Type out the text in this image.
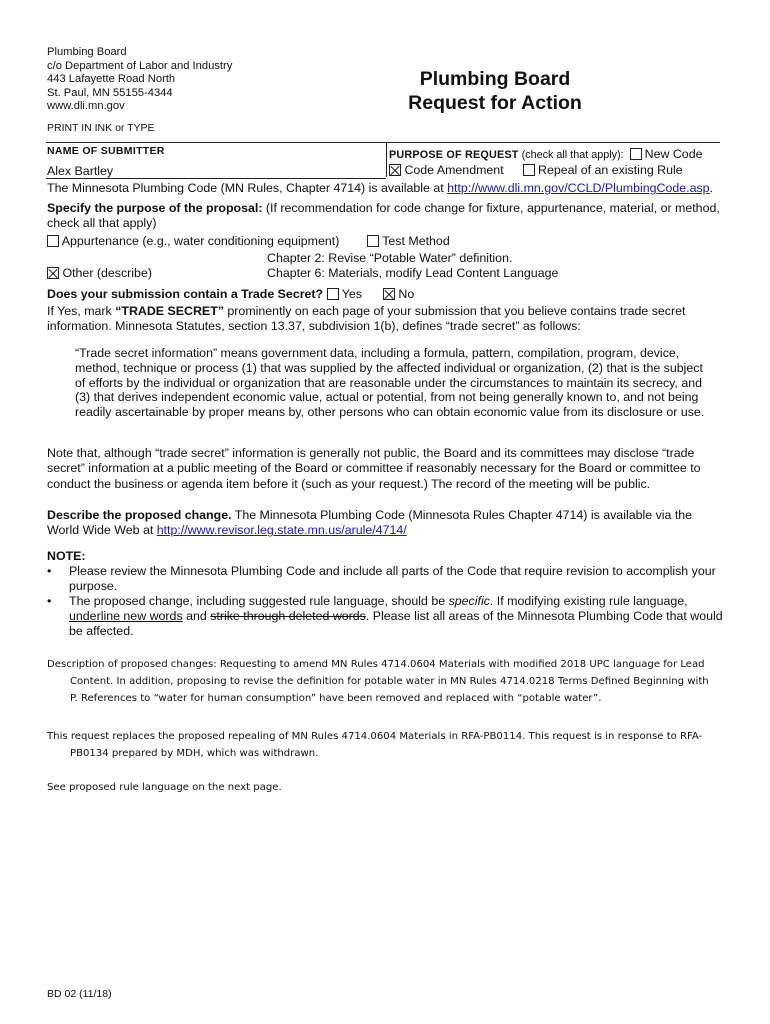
Plumbing Board
c/o Department of Labor and Industry
443 Lafayette Road North
St. Paul, MN 55155-4344
www.dli.mn.gov
Plumbing Board
Request for Action
PRINT IN INK or TYPE
NAME OF SUBMITTER
Alex Bartley
PURPOSE OF REQUEST (check all that apply): New Code
Code Amendment	Repeal of an existing Rule
The Minnesota Plumbing Code (MN Rules, Chapter 4714) is available at http://www.dli.mn.gov/CCLD/PlumbingCode.asp.
Specify the purpose of the proposal: (If recommendation for code change for fixture, appurtenance, material, or method, check all that apply)
Appurtenance (e.g., water conditioning equipment)	Test Method
Chapter 2: Revise “Potable Water” definition.
Chapter 6: Materials, modify Lead Content Language
Other (describe)
Does your submission contain a Trade Secret? Yes	No
If Yes, mark “TRADE SECRET” prominently on each page of your submission that you believe contains trade secret information. Minnesota Statutes, section 13.37, subdivision 1(b), defines “trade secret” as follows:
“Trade secret information” means government data, including a formula, pattern, compilation, program, device, method, technique or process (1) that was supplied by the affected individual or organization, (2) that is the subject of efforts by the individual or organization that are reasonable under the circumstances to maintain its secrecy, and (3) that derives independent economic value, actual or potential, from not being generally known to, and not being readily ascertainable by proper means by, other persons who can obtain economic value from its disclosure or use.
Note that, although “trade secret” information is generally not public, the Board and its committees may disclose “trade secret” information at a public meeting of the Board or committee if reasonably necessary for the Board or committee to conduct the business or agenda item before it (such as your request.) The record of the meeting will be public.
Describe the proposed change. The Minnesota Plumbing Code (Minnesota Rules Chapter 4714) is available via the World Wide Web at http://www.revisor.leg.state.mn.us/arule/4714/
NOTE:
• Please review the Minnesota Plumbing Code and include all parts of the Code that require revision to accomplish your purpose.
• The proposed change, including suggested rule language, should be specific. If modifying existing rule language, underline new words and strike through deleted words. Please list all areas of the Minnesota Plumbing Code that would be affected.
Description of proposed changes: Requesting to amend MN Rules 4714.0604 Materials with modified 2018 UPC language for Lead
Content. In addition, proposing to revise the definition for potable water in MN Rules 4714.0218 Terms Defined Beginning with
P. References to “water for human consumption” have been removed and replaced with “potable water”.
This request replaces the proposed repealing of MN Rules 4714.0604 Materials in RFA-PB0114. This request is in response to RFA-
PB0134 prepared by MDH, which was withdrawn.
See proposed rule language on the next page.
BD 02 (11/18)
